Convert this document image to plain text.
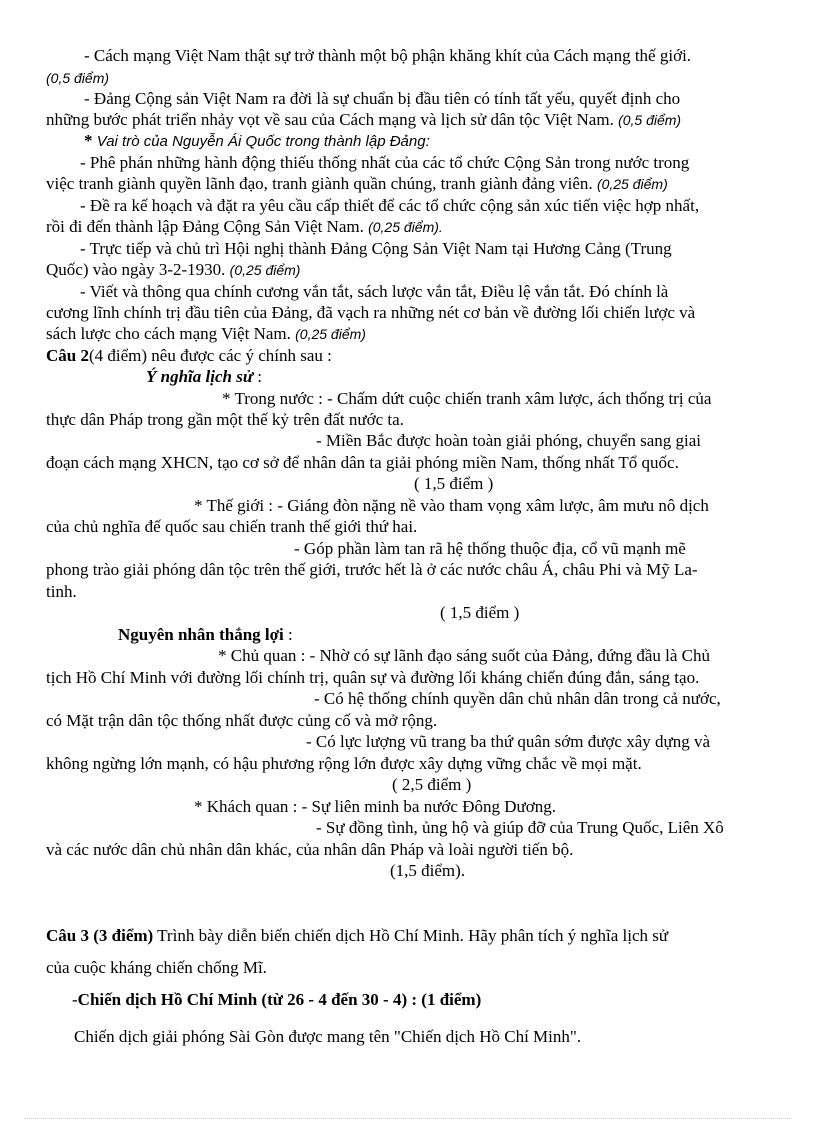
- Cách mạng Việt Nam thật sự trở thành một bộ phận khăng khít của Cách mạng thế giới.
(0,5 điểm)
- Đảng Cộng sản Việt Nam ra đời là sự chuẩn bị đầu tiên có tính tất yếu, quyết định cho
những bước phát triển nhảy vọt về sau của Cách mạng và lịch sử dân tộc Việt Nam. (0,5 điểm)
* Vai trò của Nguyễn Ái Quốc trong thành lập Đảng:
- Phê phán những hành động thiếu thống nhất của các tổ chức Cộng Sản trong nước trong
việc tranh giành quyền lãnh đạo, tranh giành quần chúng, tranh giành đảng viên. (0,25 điểm)
- Đề ra kế hoạch và đặt ra yêu cầu cấp thiết để các tổ chức cộng sản xúc tiến việc hợp nhất,
rồi đi đến thành lập Đảng Cộng Sản Việt Nam. (0,25 điểm).
- Trực tiếp và chủ trì Hội nghị thành Đảng Cộng Sản Việt Nam tại Hương Cảng (Trung
Quốc) vào ngày 3-2-1930. (0,25 điểm)
- Viết và thông qua chính cương vắn tắt, sách lược vắn tắt, Điều lệ vắn tắt. Đó chính là
cương lĩnh chính trị đầu tiên của Đảng, đã vạch ra những nét cơ bản về đường lối chiến lược và
sách lược cho cách mạng Việt Nam. (0,25 điểm)
Câu 2(4 điểm) nêu được các ý chính sau :
Ý nghĩa lịch sử :
* Trong nước : - Chấm dứt cuộc chiến tranh xâm lược, ách thống trị của
thực dân Pháp trong gần một thế kỷ trên đất nước ta.
- Miền Bắc được hoàn toàn giải phóng, chuyển sang giai
đoạn cách mạng XHCN, tạo cơ sở để nhân dân ta giải phóng miền Nam, thống nhất Tổ quốc.
( 1,5 điểm )
* Thế giới : - Giáng đòn nặng nề vào tham vọng xâm lược, âm mưu nô dịch
của chủ nghĩa đế quốc sau chiến tranh thế giới thứ hai.
- Góp phần làm tan rã hệ thống thuộc địa, cổ vũ mạnh mẽ
phong trào giải phóng dân tộc trên thế giới, trước hết là ở các nước châu Á, châu Phi và Mỹ La-
tinh.
( 1,5 điểm )
Nguyên nhân thắng lợi :
* Chủ quan : - Nhờ có sự lãnh đạo sáng suốt của Đảng, đứng đầu là Chủ
tịch Hồ Chí Minh với đường lối chính trị, quân sự và đường lối kháng chiến đúng đắn, sáng tạo.
- Có hệ thống chính quyền dân chủ nhân dân trong cả nước,
có Mặt trận dân tộc thống nhất được củng cố và mở rộng.
- Có lực lượng vũ trang ba thứ quân sớm được xây dựng và
không ngừng lớn mạnh, có hậu phương rộng lớn được xây dựng vững chắc về mọi mặt.
( 2,5 điểm )
* Khách quan : - Sự liên minh ba nước Đông Dương.
- Sự đồng tình, ủng hộ và giúp đỡ của Trung Quốc, Liên Xô
và các nước dân chủ nhân dân khác, của nhân dân Pháp và loài người tiến bộ.
(1,5 điểm).
Câu 3 (3 điểm) Trình bày diễn biến chiến dịch Hồ Chí Minh. Hãy phân tích ý nghĩa lịch sử
của cuộc kháng chiến chống Mĩ.
-Chiến dịch Hồ Chí Minh (từ 26 - 4 đến 30 - 4) : (1 điểm)
Chiến dịch giải phóng Sài Gòn được mang tên "Chiến dịch Hồ Chí Minh".
